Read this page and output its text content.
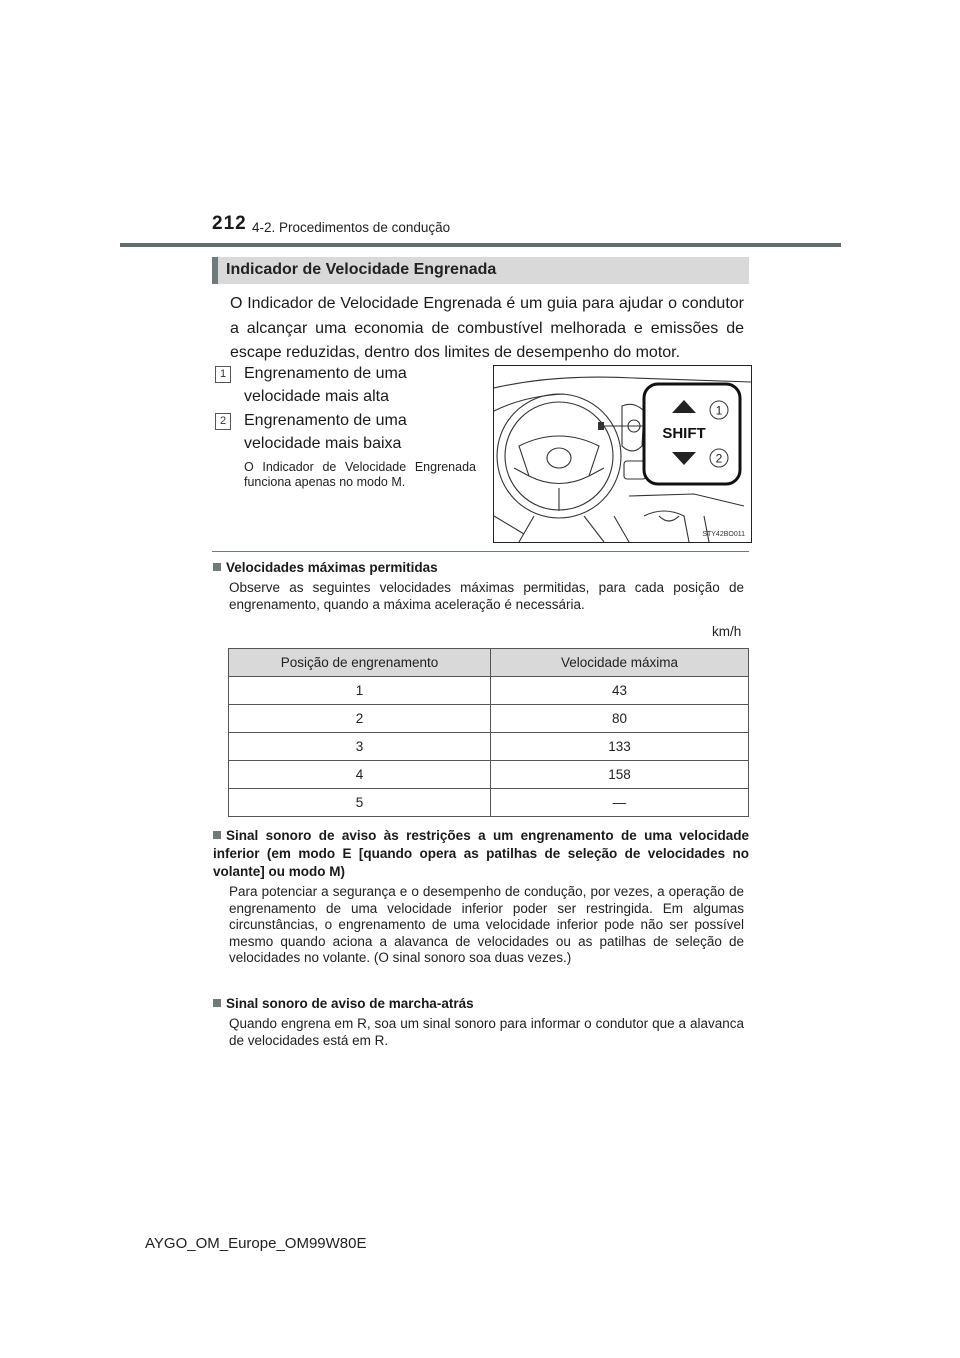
212 4-2. Procedimentos de condução
Indicador de Velocidade Engrenada
O Indicador de Velocidade Engrenada é um guia para ajudar o condutor a alcançar uma economia de combustível melhorada e emissões de escape reduzidas, dentro dos limites de desempenho do motor.
1	Engrenamento de uma
velocidade mais alta
2	Engrenamento de uma
velocidade mais baixa
O Indicador de Velocidade Engrenada funciona apenas no modo M.
SHIFT
1
2
STY42BO011
Velocidades máximas permitidas
Observe as seguintes velocidades máximas permitidas, para cada posição de engrenamento, quando a máxima aceleração é necessária.
km/h
Posição de engrenamento	Velocidade máxima
1	43
2	80
3	133
4	158
5	—
Sinal sonoro de aviso às restrições a um engrenamento de uma velocidade inferior (em modo E [quando opera as patilhas de seleção de velocidades no volante] ou modo M)
Para potenciar a segurança e o desempenho de condução, por vezes, a operação de engrenamento de uma velocidade inferior poder ser restringida. Em algumas circunstâncias, o engrenamento de uma velocidade inferior pode não ser possível mesmo quando aciona a alavanca de velocidades ou as patilhas de seleção de velocidades no volante. (O sinal sonoro soa duas vezes.)
Sinal sonoro de aviso de marcha-atrás
Quando engrena em R, soa um sinal sonoro para informar o condutor que a alavanca de velocidades está em R.
AYGO_OM_Europe_OM99W80E
